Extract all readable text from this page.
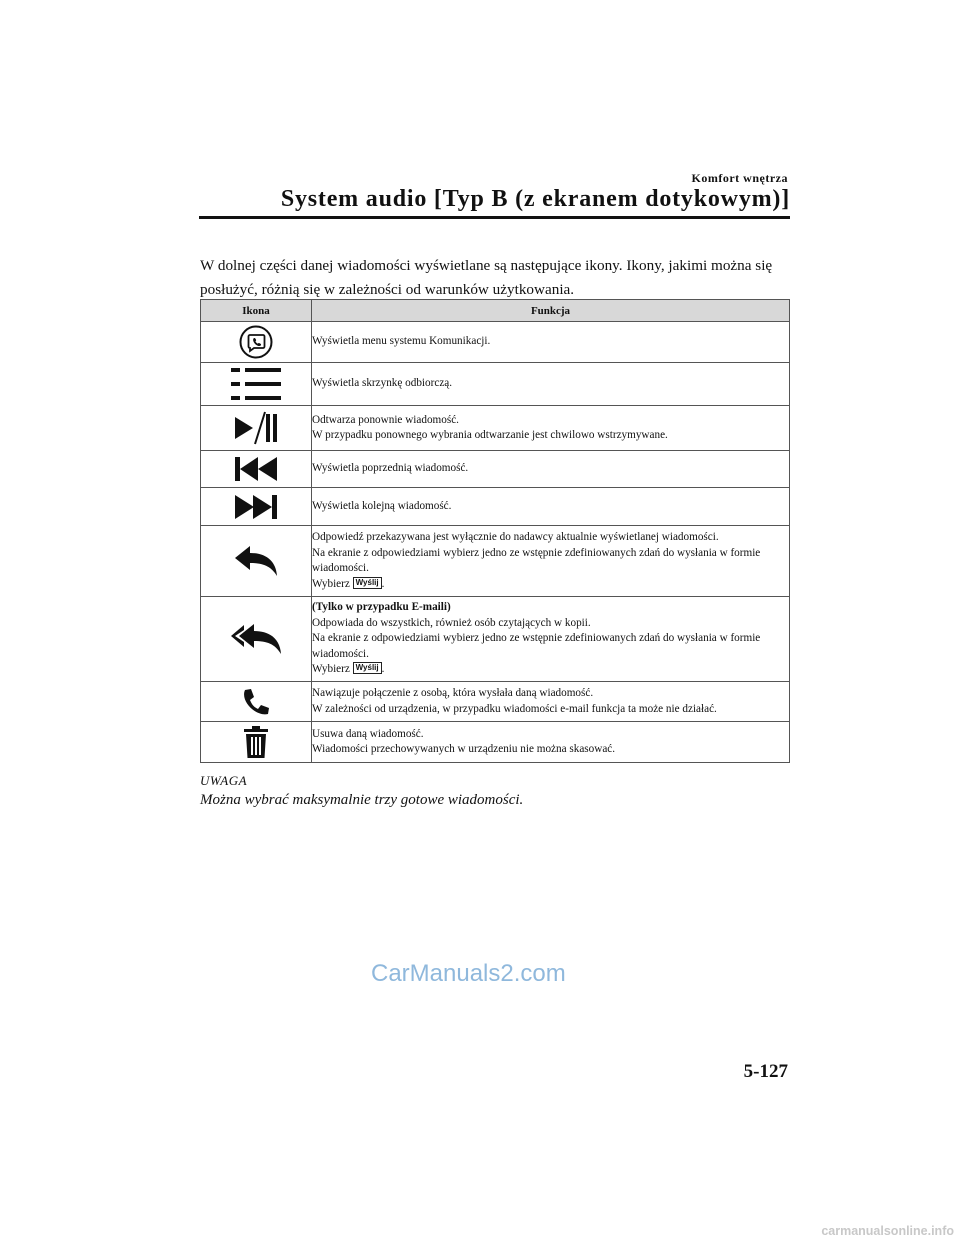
Komfort wnętrza
System audio [Typ B (z ekranem dotykowym)]
W dolnej części danej wiadomości wyświetlane są następujące ikony. Ikony, jakimi można się posłużyć, różnią się w zależności od warunków użytkowania.
Ikona	Funkcja

Wyświetla menu systemu Komunikacji.

Wyświetla skrzynkę odbiorczą.

Odtwarza ponownie wiadomość.
W przypadku ponownego wybrania odtwarzanie jest chwilowo wstrzymywane.

Wyświetla poprzednią wiadomość.

Wyświetla kolejną wiadomość.

Odpowiedź przekazywana jest wyłącznie do nadawcy aktualnie wyświetlanej wiadomości.
Na ekranie z odpowiedziami wybierz jedno ze wstępnie zdefiniowanych zdań do wysłania w formie wiadomości.
Wybierz Wyślij .

(Tylko w przypadku E-maili)
Odpowiada do wszystkich, również osób czytających w kopii.
Na ekranie z odpowiedziami wybierz jedno ze wstępnie zdefiniowanych zdań do wysłania w formie wiadomości.
Wybierz Wyślij .

Nawiązuje połączenie z osobą, która wysłała daną wiadomość.
W zależności od urządzenia, w przypadku wiadomości e-mail funkcja ta może nie działać.

Usuwa daną wiadomość.
Wiadomości przechowywanych w urządzeniu nie można skasować.
UWAGA
Można wybrać maksymalnie trzy gotowe wiadomości.
CarManuals2.com
5-127
carmanualsonline.info
